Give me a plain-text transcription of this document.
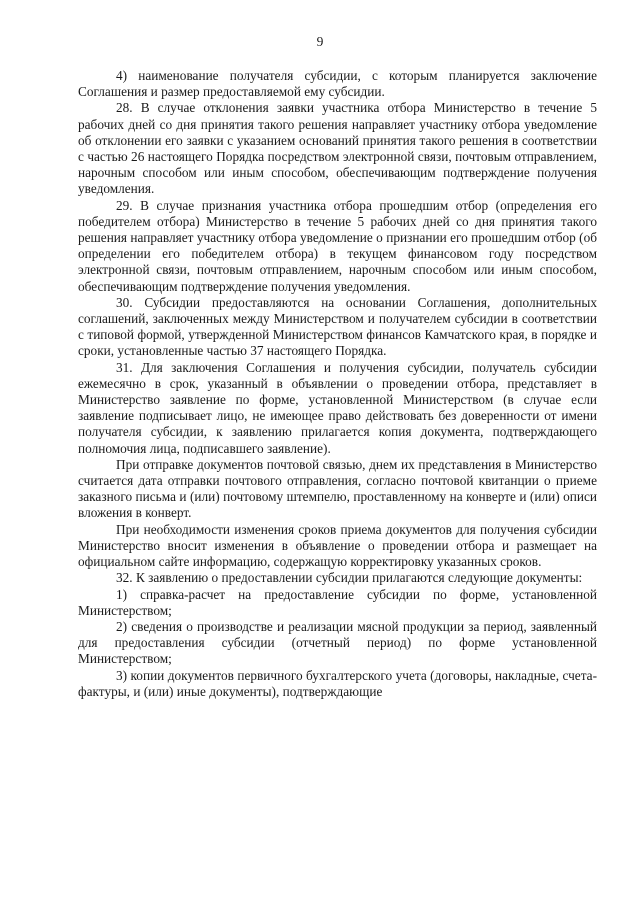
9

4) наименование получателя субсидии, с которым планируется заключение Соглашения и размер предоставляемой ему субсидии.

28. В случае отклонения заявки участника отбора Министерство в течение 5 рабочих дней со дня принятия такого решения направляет участнику отбора уведомление об отклонении его заявки с указанием оснований принятия такого решения в соответствии с частью 26 настоящего Порядка посредством электронной связи, почтовым отправлением, нарочным способом или иным способом, обеспечивающим подтверждение получения уведомления.

29. В случае признания участника отбора прошедшим отбор (определения его победителем отбора) Министерство в течение 5 рабочих дней со дня принятия такого решения направляет участнику отбора уведомление о признании его прошедшим отбор (об определении его победителем отбора) в текущем финансовом году посредством электронной связи, почтовым отправлением, нарочным способом или иным способом, обеспечивающим подтверждение получения уведомления.

30. Субсидии предоставляются на основании Соглашения, дополнительных соглашений, заключенных между Министерством и получателем субсидии в соответствии с типовой формой, утвержденной Министерством финансов Камчатского края, в порядке и сроки, установленные частью 37 настоящего Порядка.

31. Для заключения Соглашения и получения субсидии, получатель субсидии ежемесячно в срок, указанный в объявлении о проведении отбора, представляет в Министерство заявление по форме, установленной Министерством (в случае если заявление подписывает лицо, не имеющее право действовать без доверенности от имени получателя субсидии, к заявлению прилагается копия документа, подтверждающего полномочия лица, подписавшего заявление).

При отправке документов почтовой связью, днем их представления в Министерство считается дата отправки почтового отправления, согласно почтовой квитанции о приеме заказного письма и (или) почтовому штемпелю, проставленному на конверте и (или) описи вложения в конверт.

При необходимости изменения сроков приема документов для получения субсидии Министерство вносит изменения в объявление о проведении отбора и размещает на официальном сайте информацию, содержащую корректировку указанных сроков.

32. К заявлению о предоставлении субсидии прилагаются следующие документы:

1) справка-расчет на предоставление субсидии по форме, установленной Министерством;

2) сведения о производстве и реализации мясной продукции за период, заявленный для предоставления субсидии (отчетный период) по форме установленной Министерством;

3) копии документов первичного бухгалтерского учета (договоры, накладные, счета-фактуры, и (или) иные документы), подтверждающие
